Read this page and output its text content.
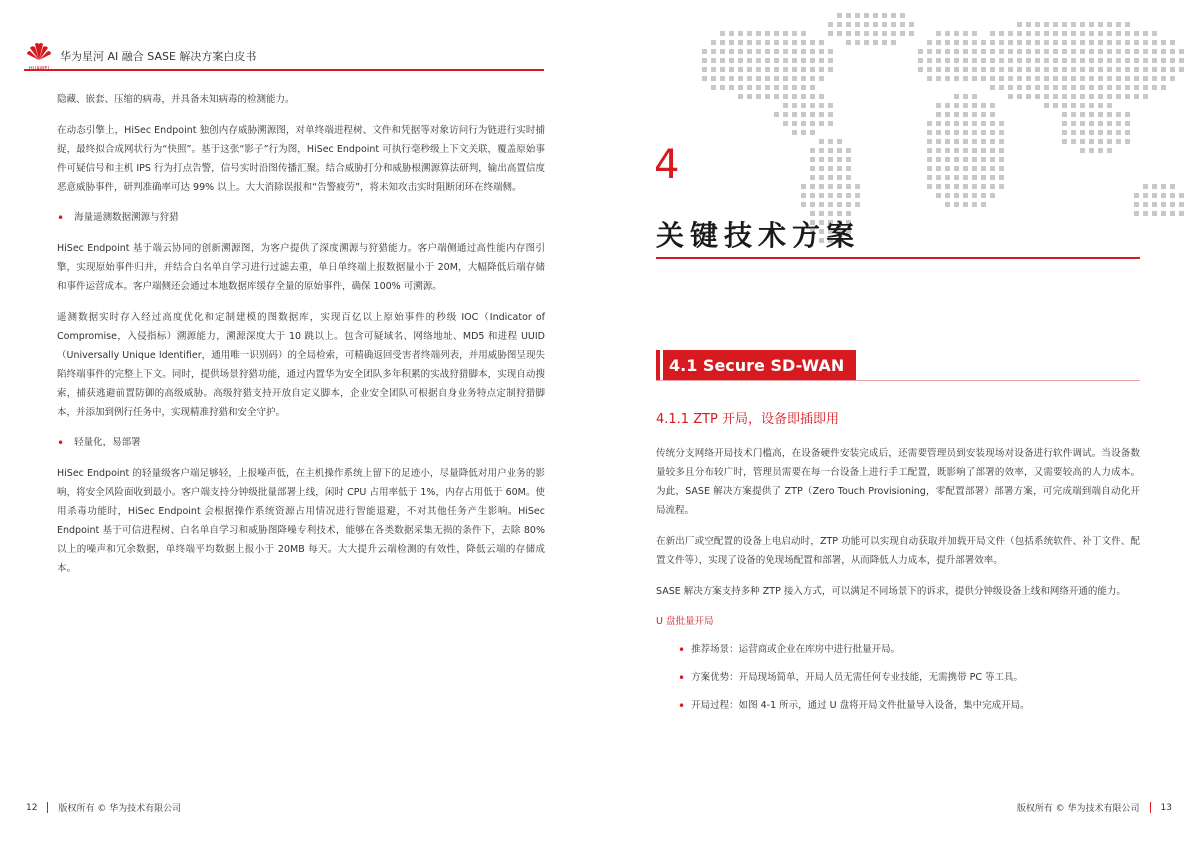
华为星河 AI 融合 SASE 解决方案白皮书

隐藏、嵌套、压缩的病毒，并具备未知病毒的检测能力。

在动态引擎上，HiSec Endpoint 独创内存威胁溯源图，对单终端进程树、文件和凭据等对象访问行为链进行实时捕捉，最终拟合成网状行为“快照”。基于这张“影子”行为图，HiSec Endpoint 可执行毫秒级上下文关联，覆盖原始事件可疑信号和主机 IPS 行为打点告警，信号实时沿图传播汇聚。结合威胁打分和威胁根溯源算法研判，输出高置信度恶意威胁事件，研判准确率可达 99% 以上。大大消除误报和“告警疲劳”，将未知攻击实时阻断闭环在终端侧。

• 海量遥测数据溯源与狩猎

HiSec Endpoint 基于端云协同的创新溯源图，为客户提供了深度溯源与狩猎能力。客户端侧通过高性能内存图引擎，实现原始事件归并，并结合白名单自学习进行过滤去重，单日单终端上报数据量小于 20M，大幅降低后端存储和事件运营成本。客户端侧还会通过本地数据库缓存全量的原始事件，确保 100% 可溯源。

遥测数据实时存入经过高度优化和定制建模的图数据库，实现百亿以上原始事件的秒级 IOC（Indicator of Compromise，入侵指标）溯源能力，溯源深度大于 10 跳以上。包含可疑域名、网络地址、MD5 和进程 UUID（Universally Unique Identifier，通用唯一识别码）的全局检索，可精确返回受害者终端列表，并用威胁图呈现失陷终端事件的完整上下文。同时，提供场景狩猎功能，通过内置华为安全团队多年积累的实战狩猎脚本，实现自动搜索，捕获逃避前置防御的高级威胁。高级狩猎支持开放自定义脚本，企业安全团队可根据自身业务特点定制狩猎脚本，并添加到例行任务中，实现精准狩猎和安全守护。

• 轻量化，易部署

HiSec Endpoint 的轻量级客户端足够轻，上报噪声低，在主机操作系统上留下的足迹小，尽量降低对用户业务的影响，将安全风险面收到最小。客户端支持分钟级批量部署上线，闲时 CPU 占用率低于 1%，内存占用低于 60M。使用杀毒功能时，HiSec Endpoint 会根据操作系统资源占用情况进行智能退避，不对其他任务产生影响。HiSec Endpoint 基于可信进程树、白名单自学习和威胁图降噪专利技术，能够在各类数据采集无损的条件下，去除 80% 以上的噪声和冗余数据，单终端平均数据上报小于 20MB 每天。大大提升云端检测的有效性，降低云端的存储成本。

12 版权所有 © 华为技术有限公司
4
关键技术方案
4.1 Secure SD-WAN
4.1.1 ZTP 开局，设备即插即用

传统分支网络开局技术门槛高，在设备硬件安装完成后，还需要管理员到安装现场对设备进行软件调试。当设备数量较多且分布较广时，管理员需要在每一台设备上进行手工配置，既影响了部署的效率，又需要较高的人力成本。为此，SASE 解决方案提供了 ZTP（Zero Touch Provisioning，零配置部署）部署方案，可完成端到端自动化开局流程。

在新出厂或空配置的设备上电启动时，ZTP 功能可以实现自动获取并加载开局文件（包括系统软件、补丁文件、配置文件等），实现了设备的免现场配置和部署，从而降低人力成本，提升部署效率。

SASE 解决方案支持多种 ZTP 接入方式，可以满足不同场景下的诉求，提供分钟级设备上线和网络开通的能力。

U 盘批量开局
• 推荐场景：运营商或企业在库房中进行批量开局。
• 方案优势：开局现场简单，开局人员无需任何专业技能，无需携带 PC 等工具。
• 开局过程：如图 4-1 所示，通过 U 盘将开局文件批量导入设备，集中完成开局。
版权所有 © 华为技术有限公司 13
